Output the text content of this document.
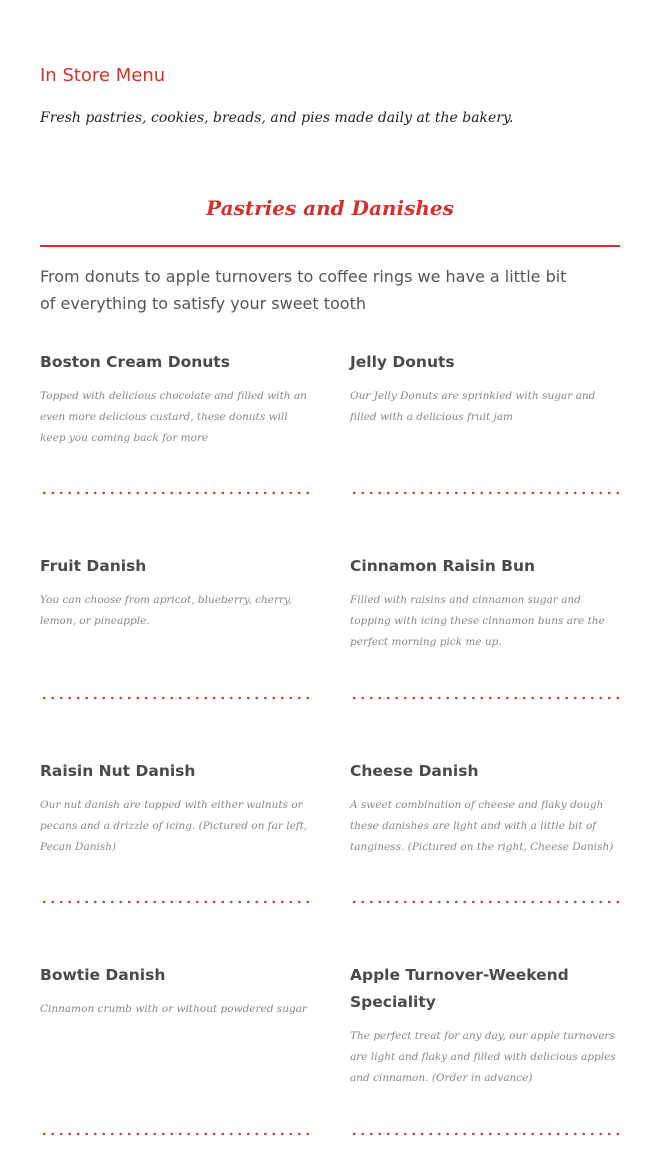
In Store Menu

Fresh pastries, cookies, breads, and pies made daily at the bakery.

Pastries and Danishes

From donuts to apple turnovers to coffee rings we have a little bit of everything to satisfy your sweet tooth

Boston Cream Donuts

Topped with delicious chocolate and filled with an even more delicious custard, these donuts will keep you coming back for more

Jelly Donuts

Our Jelly Donuts are sprinkled with sugar and filled with a delicious fruit jam

Fruit Danish

You can choose from apricot, blueberry, cherry, lemon, or pineapple.

Cinnamon Raisin Bun

Filled with raisins and cinnamon sugar and topping with icing these cinnamon buns are the perfect morning pick me up.

Raisin Nut Danish

Our nut danish are topped with either walnuts or pecans and a drizzle of icing. (Pictured on far left, Pecan Danish)

Cheese Danish

A sweet combination of cheese and flaky dough these danishes are light and with a little bit of tanginess. (Pictured on the right, Cheese Danish)

Bowtie Danish

Cinnamon crumb with or without powdered sugar

Apple Turnover-Weekend Speciality

The perfect treat for any day, our apple turnovers are light and flaky and filled with delicious apples and cinnamon. (Order in advance)
